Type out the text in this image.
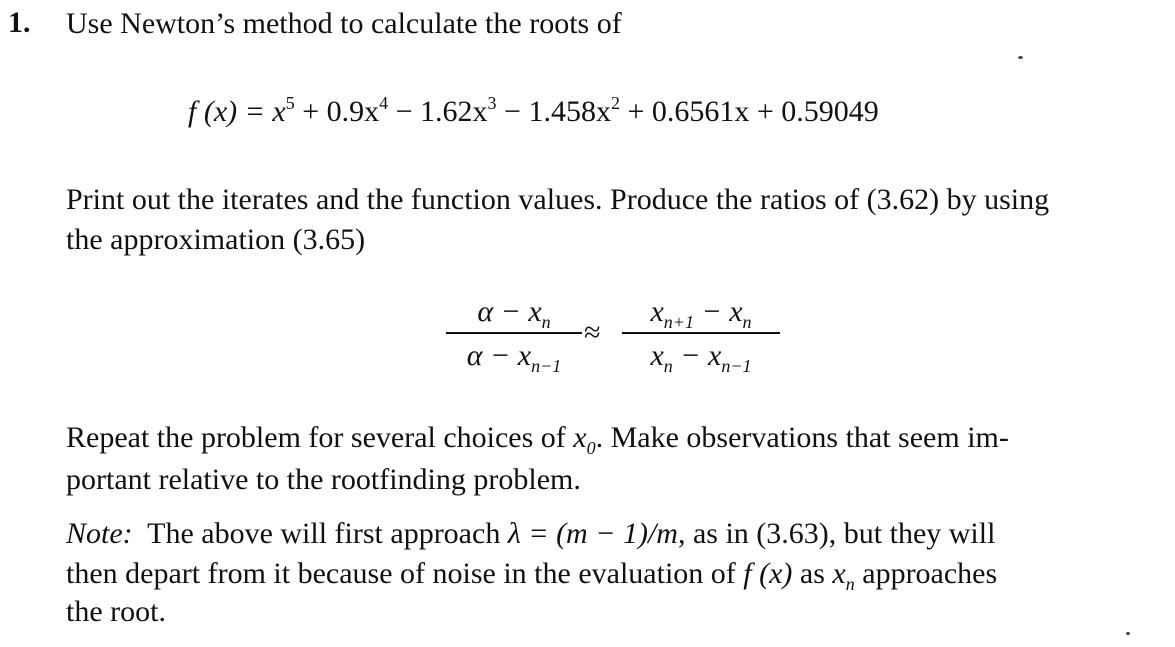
1. Use Newton’s method to calculate the roots of
f $(x) = x^5 + 0.9x^4 - 1.62x^3 - 1.458x^2 + 0.6561x + 0.59049$
Print out the iterates and the function values. Produce the ratios of (3.62) by using
the approximation (3.65)
$\frac{\alpha - x_n}{\alpha - x_{n-1}} \approx \frac{x_{n+1} - x_n}{x_n - x_{n-1}}$
Repeat the problem for several choices of $x_0$. Make observations that seem im-
portant relative to the rootfinding problem.
Note:  The above will first approach λ = (m − 1)/m, as in (3.63), but they will
then depart from it because of noise in the evaluation of f (x) as $x_n$ approaches
the root.
